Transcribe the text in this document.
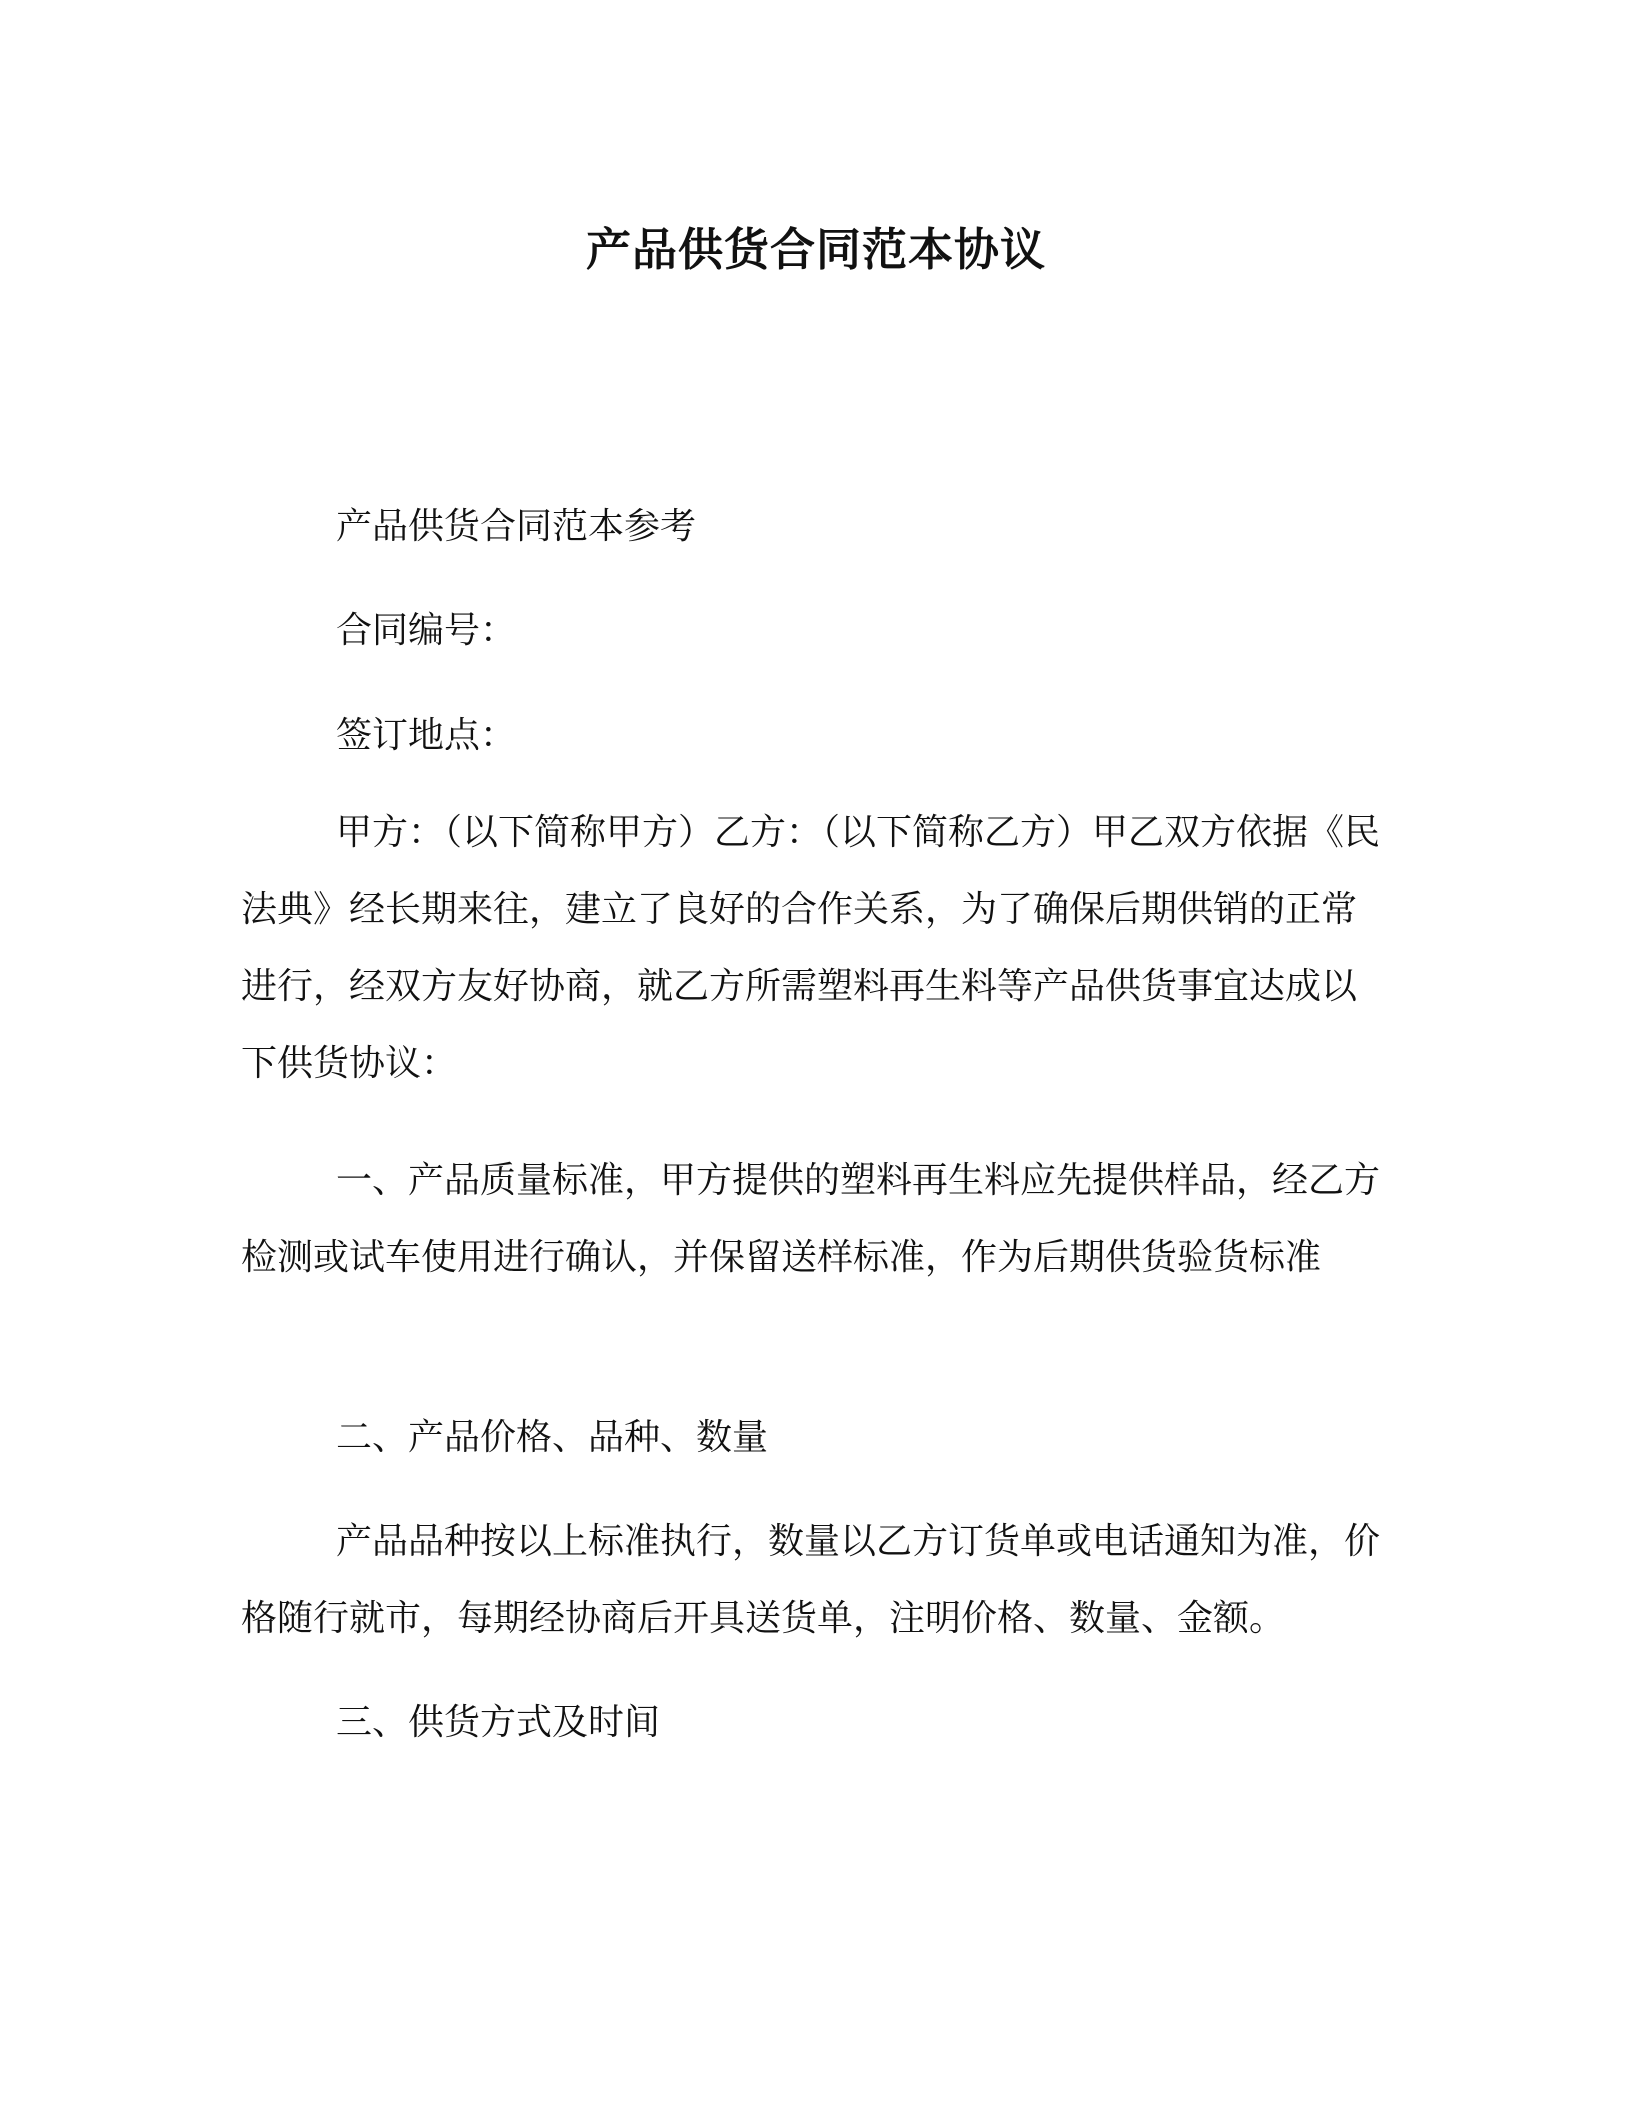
产品供货合同范本协议

产品供货合同范本参考

合同编号：

签订地点：

甲方：（以下简称甲方）乙方：（以下简称乙方）甲乙双方依据《民法典》经长期来往，建立了良好的合作关系，为了确保后期供销的正常进行，经双方友好协商，就乙方所需塑料再生料等产品供货事宜达成以下供货协议：

一、产品质量标准，甲方提供的塑料再生料应先提供样品，经乙方检测或试车使用进行确认，并保留送样标准，作为后期供货验货标准

二、产品价格、品种、数量

产品品种按以上标准执行，数量以乙方订货单或电话通知为准，价格随行就市，每期经协商后开具送货单，注明价格、数量、金额。

三、供货方式及时间
